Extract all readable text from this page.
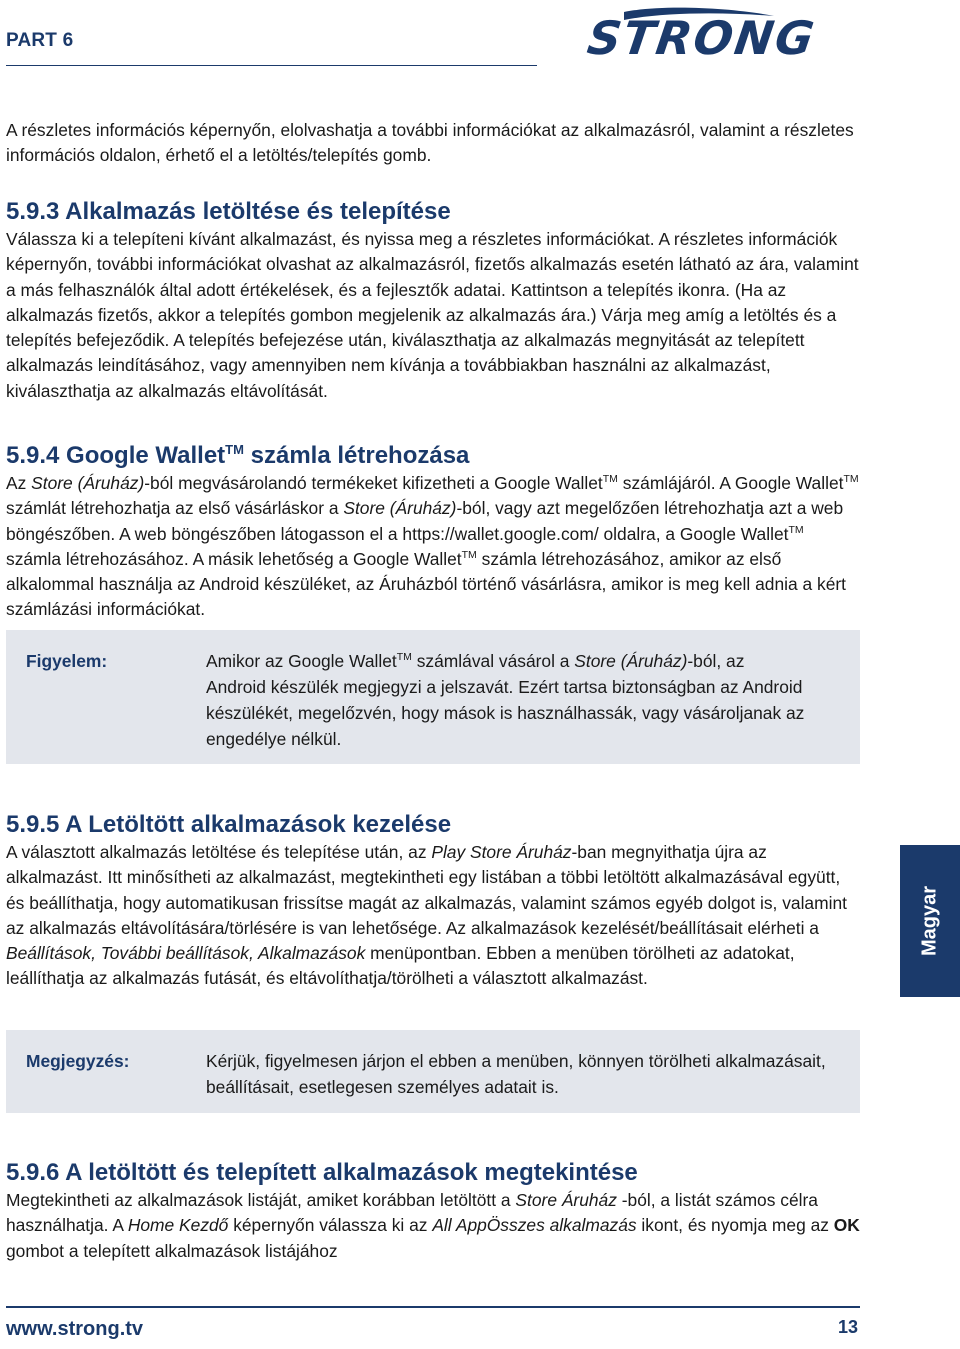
PART 6	STRONG

A részletes információs képernyőn, elolvashatja a további információkat az alkalmazásról, valamint a részletes információs oldalon, érhető el a letöltés/telepítés gomb.

5.9.3 Alkalmazás letöltése és telepítése

Válassza ki a telepíteni kívánt alkalmazást, és nyissa meg a részletes információkat. A részletes információk képernyőn, további információkat olvashat az alkalmazásról, fizetős alkalmazás esetén látható az ára, valamint a más felhasználók által adott értékelések, és a fejlesztők adatai. Kattintson a telepítés ikonra. (Ha az alkalmazás fizetős, akkor a telepítés gombon megjelenik az alkalmazás ára.) Várja meg amíg a letöltés és a telepítés befejeződik. A telepítés befejezése után, kiválaszthatja az alkalmazás megnyitását az telepített alkalmazás leindításához, vagy amennyiben nem kívánja a továbbiakban használni az alkalmazást, kiválaszthatja az alkalmazás eltávolítását.

5.9.4 Google Wallet™ számla létrehozása

Az Store (Áruház)-ból megvásárolandó termékeket kifizetheti a Google Wallet™ számlájáról. A Google Wallet™ számlát létrehozhatja az első vásárláskor a Store (Áruház)-ból, vagy azt megelőzően létrehozhatja azt a web böngészőben. A web böngészőben látogasson el a https://wallet.google.com/ oldalra, a Google Wallet™ számla létrehozásához. A másik lehetőség a Google Wallet™ számla létrehozásához, amikor az első alkalommal használja az Android készüléket, az Áruházból történő vásárlásra, amikor is meg kell adnia a kért számlázási információkat.

Figyelem:	Amikor az Google Wallet™ számlával vásárol a Store (Áruház)-ból, az Android készülék megjegyzi a jelszavát. Ezért tartsa biztonságban az Android készülékét, megelőzvén, hogy mások is használhassák, vagy vásároljanak az engedélye nélkül.
5.9.5 A Letöltött alkalmazások kezelése

A választott alkalmazás letöltése és telepítése után, az Play Store Áruház-ban megnyithatja újra az alkalmazást. Itt minősítheti az alkalmazást, megtekintheti egy listában a többi letöltött alkalmazásával együtt, és beállíthatja, hogy automatikusan frissítse magát az alkalmazás, valamint számos egyéb dolgot is, valamint az alkalmazás eltávolítására/törlésére is van lehetősége. Az alkalmazások kezelését/beállításait elérheti a Beállítások, További beállítások, Alkalmazások menüpontban. Ebben a menüben törölheti az adatokat, leállíthatja az alkalmazás futását, és eltávolíthatja/törölheti a választott alkalmazást.

Megjegyzés:	Kérjük, figyelmesen járjon el ebben a menüben, könnyen törölheti alkalmazásait, beállításait, esetlegesen személyes adatait is.
5.9.6 A letöltött és telepített alkalmazások megtekintése

Megtekintheti az alkalmazások listáját, amiket korábban letöltött a Store Áruház -ból, a listát számos célra használhatja. A Home Kezdő képernyőn válassza ki az All AppÖsszes alkalmazás ikont, és nyomja meg az OK gombot a telepített alkalmazások listájához

Magyar
www.strong.tv	13
